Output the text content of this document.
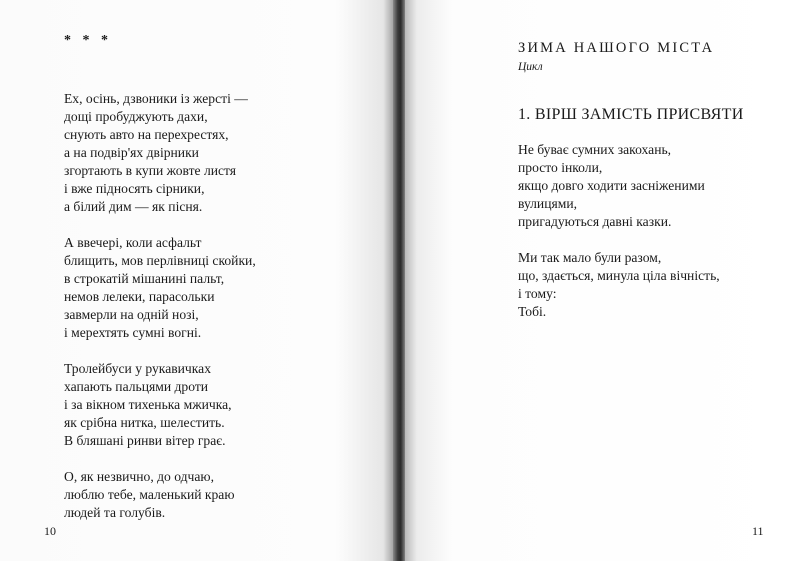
* * *
Ех, осінь, дзвоники із жерсті —
дощі пробуджують дахи,
снують авто на перехрестях,
а на подвір'ях двірники
згортають в купи жовте листя
і вже підносять сірники,
а білий дим — як пісня.
А ввечері, коли асфальт
блищить, мов перлівниці скойки,
в строкатій мішанині пальт,
немов лелеки, парасольки
завмерли на одній нозі,
і мерехтять сумні вогні.
Тролейбуси у рукавичках
хапають пальцями дроти
і за вікном тихенька мжичка,
як срібна нитка, шелестить.
В бляшані ринви вітер грає.
О, як незвично, до одчаю,
люблю тебе, маленький краю
людей та голубів.
10
ЗИМА НАШОГО МІСТА
Цикл
1. ВІРШ ЗАМІСТЬ ПРИСВЯТИ
Не буває сумних закохань,
просто інколи,
якщо довго ходити засніженими
вулицями,
пригадуються давні казки.
Ми так мало були разом,
що, здається, минула ціла вічність,
і тому:
Тобі.
11
